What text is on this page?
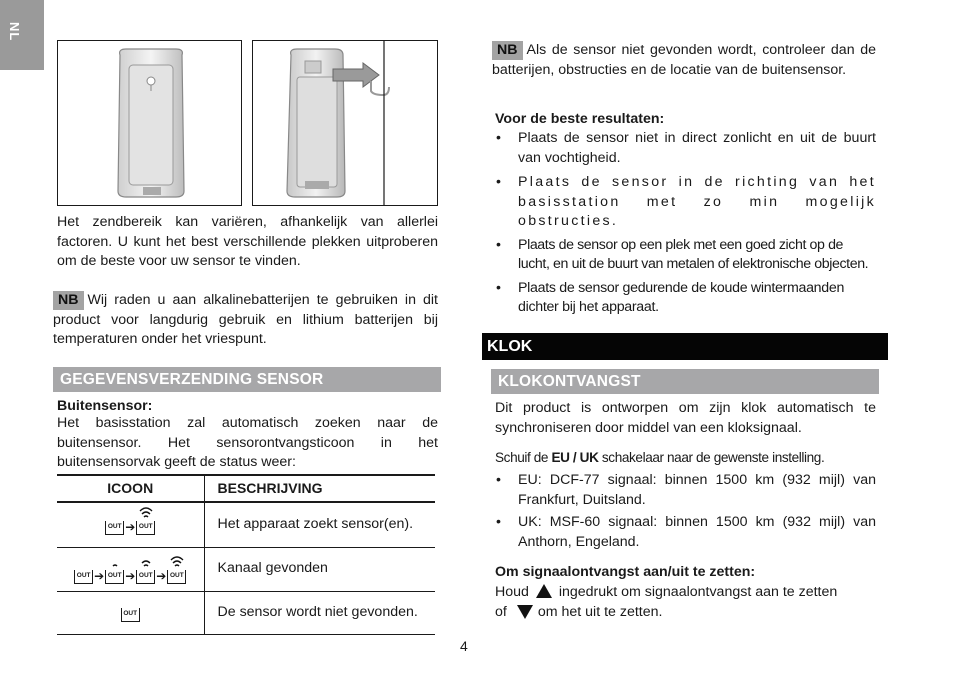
NL
Het zendbereik kan variëren, afhankelijk van allerlei factoren. U kunt het best verschillende plekken uitproberen om de beste voor uw sensor te vinden.
NB Wij raden u aan alkalinebatterijen te gebruiken in dit product voor langdurig gebruik en lithium batterijen bij temperaturen onder het vriespunt.
GEGEVENSVERZENDING SENSOR
Buitensensor:
Het basisstation zal automatisch zoeken naar de buitensensor. Het sensorontvangsticoon in het buitensensorvak geeft de status weer:
ICOON	BESCHRIJVING
OUT ➔ OUT	Het apparaat zoekt sensor(en).
OUT ➔ OUT ➔ OUT ➔ OUT	Kanaal gevonden
OUT	De sensor wordt niet gevonden.
NB Als de sensor niet gevonden wordt, controleer dan de batterijen, obstructies en de locatie van de buitensensor.
Voor de beste resultaten:
• Plaats de sensor niet in direct zonlicht en uit de buurt van vochtigheid.
• Plaats de sensor in de richting van het basisstation met zo min mogelijk obstructies.
• Plaats de sensor op een plek met een goed zicht op de lucht, en uit de buurt van metalen of elektronische objecten.
• Plaats de sensor gedurende de koude wintermaanden dichter bij het apparaat.
KLOK
KLOKONTVANGST
Dit product is ontworpen om zijn klok automatisch te synchroniseren door middel van een kloksignaal.
Schuif de EU / UK schakelaar naar de gewenste instelling.
• EU: DCF-77 signaal: binnen 1500 km (932 mijl) van Frankfurt, Duitsland.
• UK: MSF-60 signaal: binnen 1500 km (932 mijl) van Anthorn, Engeland.
Om signaalontvangst aan/uit te zetten:
Houd ingedrukt om signaalontvangst aan te zetten
of om het uit te zetten.
4
